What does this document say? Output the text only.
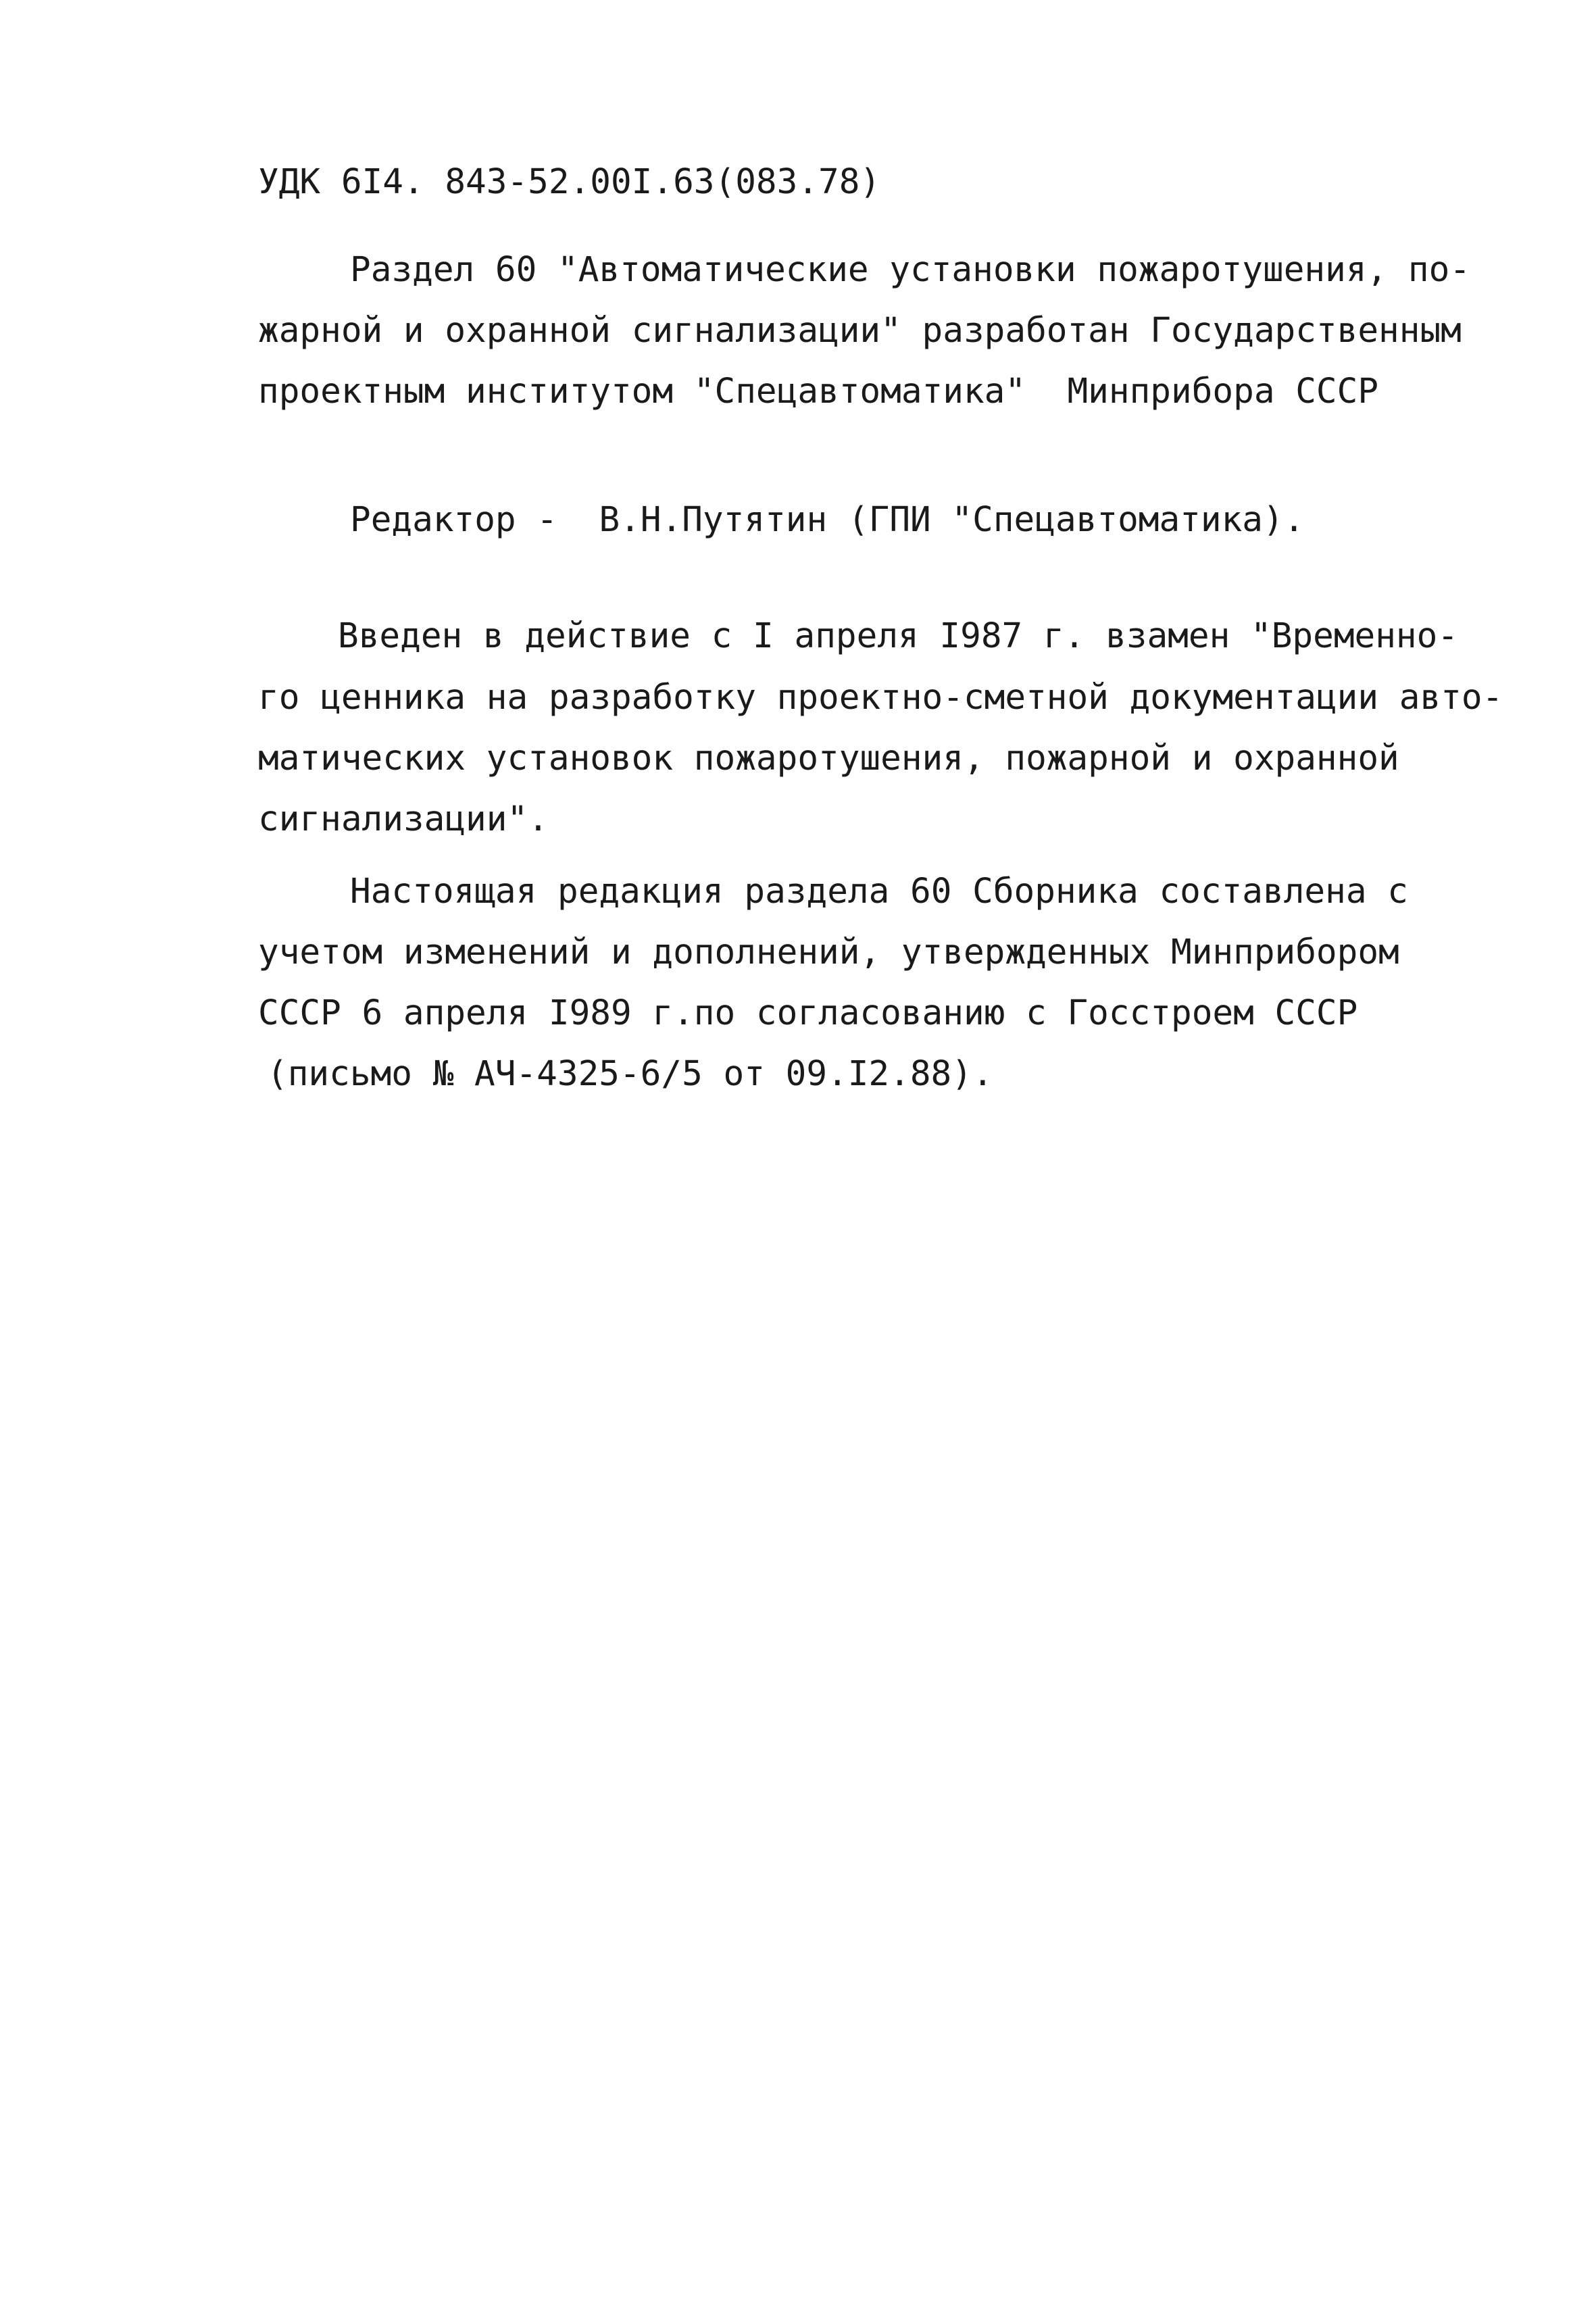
УДК 6I4. 843-52.00I.63(083.78)
Раздел 60 "Автоматические установки пожаротушения, по-
жарной и охранной сигнализации" разработан Государственным
проектным институтом "Спецавтоматика"  Минприбора СССР
Редактор -  В.Н.Путятин (ГПИ "Спецавтоматика).
Введен в действие с I апреля I987 г. взамен "Временно-
го ценника на разработку проектно-сметной документации авто-
матических установок пожаротушения, пожарной и охранной
сигнализации".
Настоящая редакция раздела 60 Сборника составлена с
учетом изменений и дополнений, утвержденных Минприбором
СССР 6 апреля I989 г.по согласованию с Госстроем СССР
(письмо № АЧ-4325-6/5 от 09.I2.88).
